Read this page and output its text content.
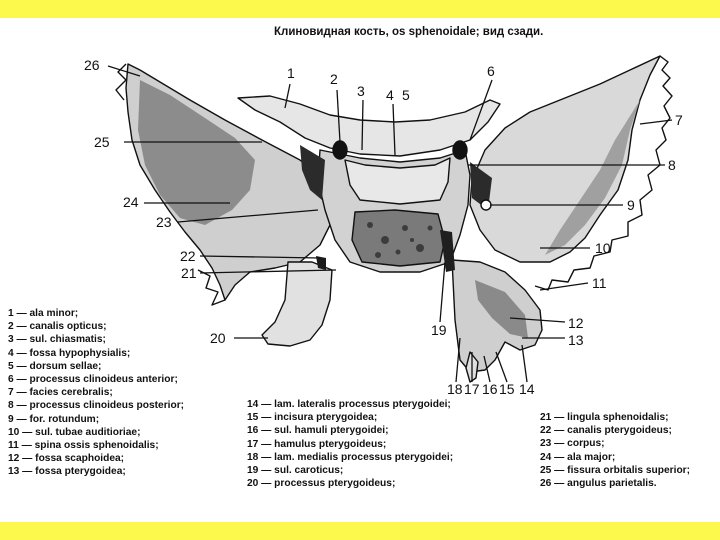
Клиновидная кость, os sphenoidale; вид сзади.
26	1	2
3 4 5
6
7
8
9
10
11
12
13
25
24
23
22
21
20	19
18 17 16 15 14
1 — ala minor;
2 — canalis opticus;
3 — sul. chiasmatis;
4 — fossa hypophysialis;
5 — dorsum sellae;
6 — processus clinoideus anterior;
7 — facies cerebralis;
8 — processus clinoideus posterior;
9 — for. rotundum;
10 — sul. tubae auditioriae;
11 — spina ossis sphenoidalis;
12 — fossa scaphoidea;
13 — fossa pterygoidea;
14 — lam. lateralis processus pterygoidei;
15 — incisura pterygoidea;
16 — sul. hamuli pterygoidei;
17 — hamulus pterygoideus;
18 — lam. medialis processus pterygoidei;
19 — sul. caroticus;
20 — processus pterygoideus;
21 — lingula sphenoidalis;
22 — canalis pterygoideus;
23 — corpus;
24 — ala major;
25 — fissura orbitalis superior;
26 — angulus parietalis.
